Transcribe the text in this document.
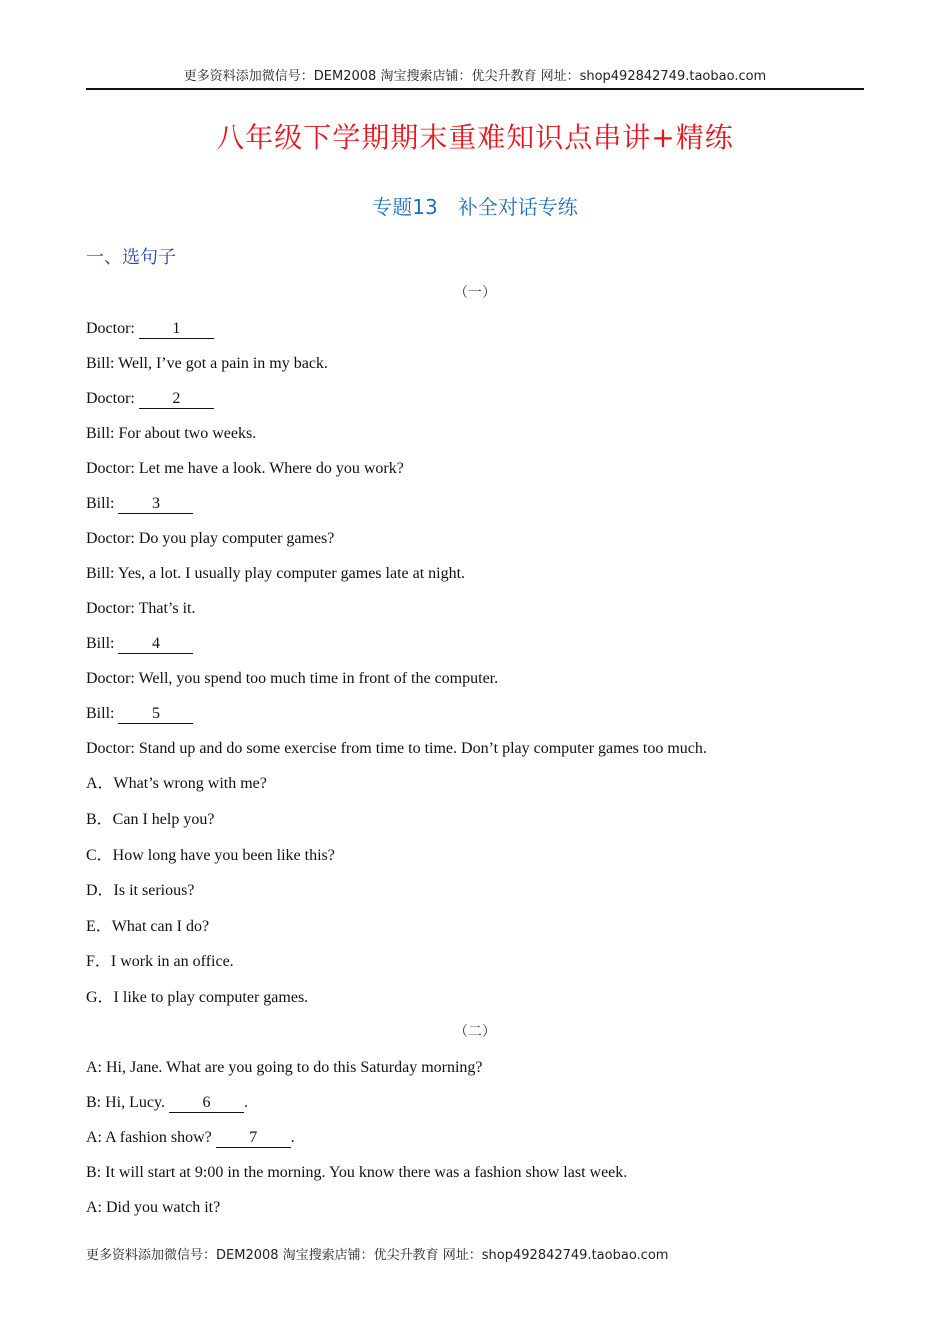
更多资料添加微信号：DEM2008 淘宝搜索店铺：优尖升教育 网址：shop492842749.taobao.com
八年级下学期期末重难知识点串讲+精练
专题13　补全对话专练
一、选句子
（一）
Doctor: 1
Bill: Well, I’ve got a pain in my back.
Doctor: 2
Bill: For about two weeks.
Doctor: Let me have a look. Where do you work?
Bill: 3
Doctor: Do you play computer games?
Bill: Yes, a lot. I usually play computer games late at night.
Doctor: That’s it.
Bill: 4
Doctor: Well, you spend too much time in front of the computer.
Bill: 5
Doctor: Stand up and do some exercise from time to time. Don’t play computer games too much.
A．What’s wrong with me?
B．Can I help you?
C．How long have you been like this?
D．Is it serious?
E．What can I do?
F．I work in an office.
G．I like to play computer games.
（二）
A: Hi, Jane. What are you going to do this Saturday morning?
B: Hi, Lucy. 6 .
A: A fashion show? 7 .
B: It will start at 9:00 in the morning. You know there was a fashion show last week.
A: Did you watch it?
更多资料添加微信号：DEM2008 淘宝搜索店铺：优尖升教育 网址：shop492842749.taobao.com
